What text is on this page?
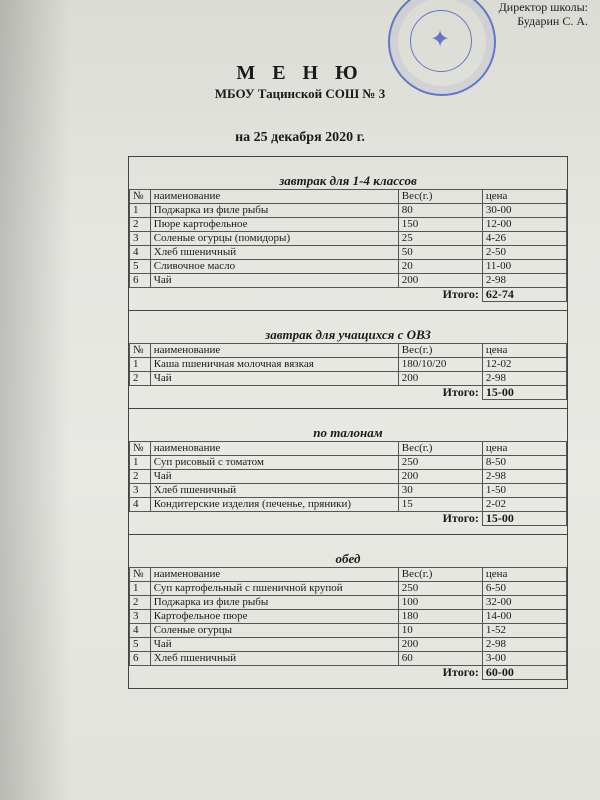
✦
Директор школы:
Бударин С. А.
М Е Н Ю
МБОУ Тацинской СОШ № 3
на 25 декабря 2020 г.
завтрак для 1-4 классов
№	наименование	Вес(г.)	цена
1	Поджарка из филе рыбы	80	30-00
2	Пюре картофельное	150	12-00
3	Соленые огурцы (помидоры)	25	4-26
4	Хлеб пшеничный	50	2-50
5	Сливочное масло	20	11-00
6	Чай	200	2-98
Итого:			62-74
завтрак для учащихся с ОВЗ
№	наименование	Вес(г.)	цена
1	Каша пшеничная молочная вязкая	180/10/20	12-02
2	Чай	200	2-98
Итого:			15-00
по талонам
№	наименование	Вес(г.)	цена
1	Суп рисовый с томатом	250	8-50
2	Чай	200	2-98
3	Хлеб пшеничный	30	1-50
4	Кондитерские изделия (печенье, пряники)	15	2-02
Итого:			15-00
обед
№	наименование	Вес(г.)	цена
1	Суп картофельный с пшеничной крупой	250	6-50
2	Поджарка из филе рыбы	100	32-00
3	Картофельное пюре	180	14-00
4	Соленые огурцы	10	1-52
5	Чай	200	2-98
6	Хлеб пшеничный	60	3-00
Итого:			60-00
